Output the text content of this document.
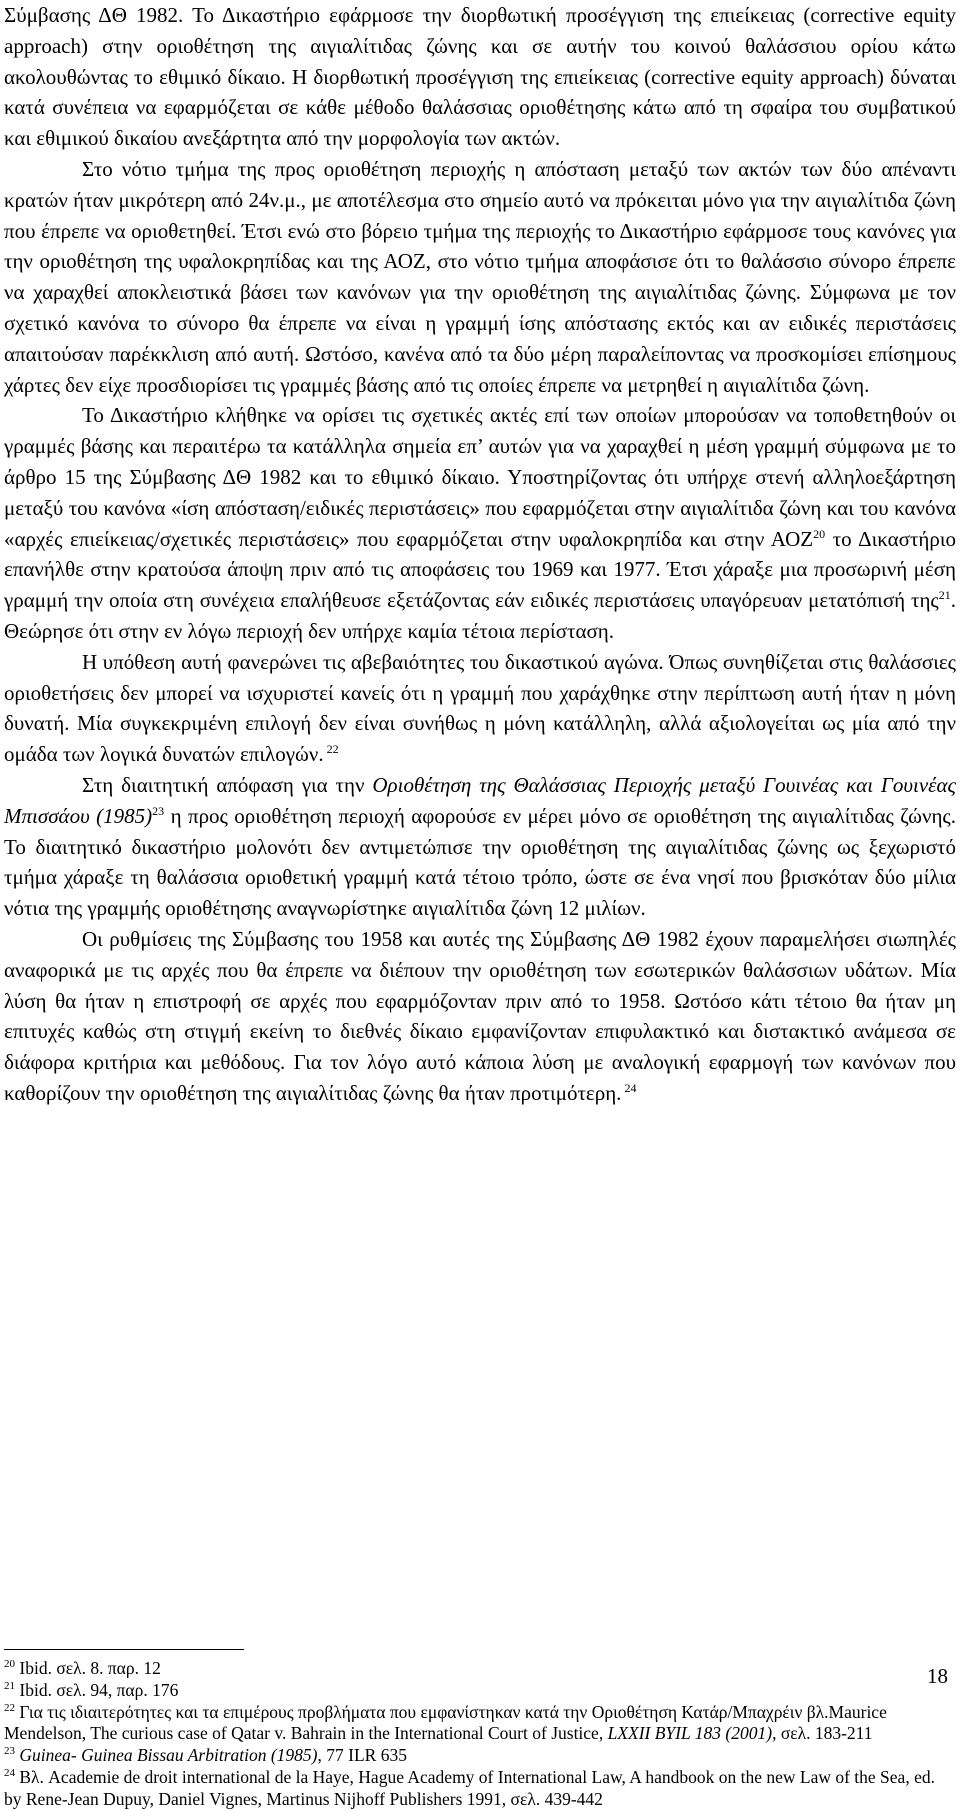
Σύμβασης ΔΘ 1982. Το Δικαστήριο εφάρμοσε την διορθωτική προσέγγιση της επιείκειας (corrective equity approach) στην οριοθέτηση της αιγιαλίτιδας ζώνης και σε αυτήν του κοινού θαλάσσιου ορίου κάτω ακολουθώντας το εθιμικό δίκαιο. Η διορθωτική προσέγγιση της επιείκειας (corrective equity approach) δύναται κατά συνέπεια να εφαρμόζεται σε κάθε μέθοδο θαλάσσιας οριοθέτησης κάτω από τη σφαίρα του συμβατικού και εθιμικού δικαίου ανεξάρτητα από την μορφολογία των ακτών.

Στο νότιο τμήμα της προς οριοθέτηση περιοχής η απόσταση μεταξύ των ακτών των δύο απέναντι κρατών ήταν μικρότερη από 24ν.μ., με αποτέλεσμα στο σημείο αυτό να πρόκειται μόνο για την αιγιαλίτιδα ζώνη που έπρεπε να οριοθετηθεί. Έτσι ενώ στο βόρειο τμήμα της περιοχής το Δικαστήριο εφάρμοσε τους κανόνες για την οριοθέτηση της υφαλοκρηπίδας και της ΑΟΖ, στο νότιο τμήμα αποφάσισε ότι το θαλάσσιο σύνορο έπρεπε να χαραχθεί αποκλειστικά βάσει των κανόνων για την οριοθέτηση της αιγιαλίτιδας ζώνης. Σύμφωνα με τον σχετικό κανόνα το σύνορο θα έπρεπε να είναι η γραμμή ίσης απόστασης εκτός και αν ειδικές περιστάσεις απαιτούσαν παρέκκλιση από αυτή. Ωστόσο, κανένα από τα δύο μέρη παραλείποντας να προσκομίσει επίσημους χάρτες δεν είχε προσδιορίσει τις γραμμές βάσης από τις οποίες έπρεπε να μετρηθεί η αιγιαλίτιδα ζώνη.

Το Δικαστήριο κλήθηκε να ορίσει τις σχετικές ακτές επί των οποίων μπορούσαν να τοποθετηθούν οι γραμμές βάσης και περαιτέρω τα κατάλληλα σημεία επ’ αυτών για να χαραχθεί η μέση γραμμή σύμφωνα με το άρθρο 15 της Σύμβασης ΔΘ 1982 και το εθιμικό δίκαιο. Υποστηρίζοντας ότι υπήρχε στενή αλληλοεξάρτηση μεταξύ του κανόνα «ίση απόσταση/ειδικές περιστάσεις» που εφαρμόζεται στην αιγιαλίτιδα ζώνη και του κανόνα «αρχές επιείκειας/σχετικές περιστάσεις» που εφαρμόζεται στην υφαλοκρηπίδα και στην ΑΟΖ$^{20}$ το Δικαστήριο επανήλθε στην κρατούσα άποψη πριν από τις αποφάσεις του 1969 και 1977. Έτσι χάραξε μια προσωρινή μέση γραμμή την οποία στη συνέχεια επαλήθευσε εξετάζοντας εάν ειδικές περιστάσεις υπαγόρευαν μετατόπισή της$^{21}$. Θεώρησε ότι στην εν λόγω περιοχή δεν υπήρχε καμία τέτοια περίσταση.

Η υπόθεση αυτή φανερώνει τις αβεβαιότητες του δικαστικού αγώνα. Όπως συνηθίζεται στις θαλάσσιες οριοθετήσεις δεν μπορεί να ισχυριστεί κανείς ότι η γραμμή που χαράχθηκε στην περίπτωση αυτή ήταν η μόνη δυνατή. Μία συγκεκριμένη επιλογή δεν είναι συνήθως η μόνη κατάλληλη, αλλά αξιολογείται ως μία από την ομάδα των λογικά δυνατών επιλογών. $^{22}$

Στη διαιτητική απόφαση για την Οριοθέτηση της Θαλάσσιας Περιοχής μεταξύ Γουινέας και Γουινέας Μπισσάου (1985)$^{23}$ η προς οριοθέτηση περιοχή αφορούσε εν μέρει μόνο σε οριοθέτηση της αιγιαλίτιδας ζώνης. Το διαιτητικό δικαστήριο μολονότι δεν αντιμετώπισε την οριοθέτηση της αιγιαλίτιδας ζώνης ως ξεχωριστό τμήμα χάραξε τη θαλάσσια οριοθετική γραμμή κατά τέτοιο τρόπο, ώστε σε ένα νησί που βρισκόταν δύο μίλια νότια της γραμμής οριοθέτησης αναγνωρίστηκε αιγιαλίτιδα ζώνη 12 μιλίων.

Οι ρυθμίσεις της Σύμβασης του 1958 και αυτές της Σύμβασης ΔΘ 1982 έχουν παραμελήσει σιωπηλές αναφορικά με τις αρχές που θα έπρεπε να διέπουν την οριοθέτηση των εσωτερικών θαλάσσιων υδάτων. Μία λύση θα ήταν η επιστροφή σε αρχές που εφαρμόζονταν πριν από το 1958. Ωστόσο κάτι τέτοιο θα ήταν μη επιτυχές καθώς στη στιγμή εκείνη το διεθνές δίκαιο εμφανίζονταν επιφυλακτικό και διστακτικό ανάμεσα σε διάφορα κριτήρια και μεθόδους. Για τον λόγο αυτό κάποια λύση με αναλογική εφαρμογή των κανόνων που καθορίζουν την οριοθέτηση της αιγιαλίτιδας ζώνης θα ήταν προτιμότερη. $^{24}$

$^{20}$ Ibid. σελ. 8. παρ. 12

$^{21}$ Ibid. σελ. 94, παρ. 176

$^{22}$ Για τις ιδιαιτερότητες και τα επιμέρους προβλήματα που εμφανίστηκαν κατά την Οριοθέτηση Κατάρ/Μπαχρέιν βλ.Maurice Mendelson, The curious case of Qatar v. Bahrain in the International Court of Justice, LXXII BYIL 183 (2001), σελ. 183-211

$^{23}$ Guinea- Guinea Bissau Arbitration (1985), 77 ILR 635

$^{24}$ Βλ. Academie de droit international de la Haye, Hague Academy of International Law, A handbook on the new Law of the Sea, ed. by Rene-Jean Dupuy, Daniel Vignes, Martinus Nijhoff Publishers 1991, σελ. 439-442

18
